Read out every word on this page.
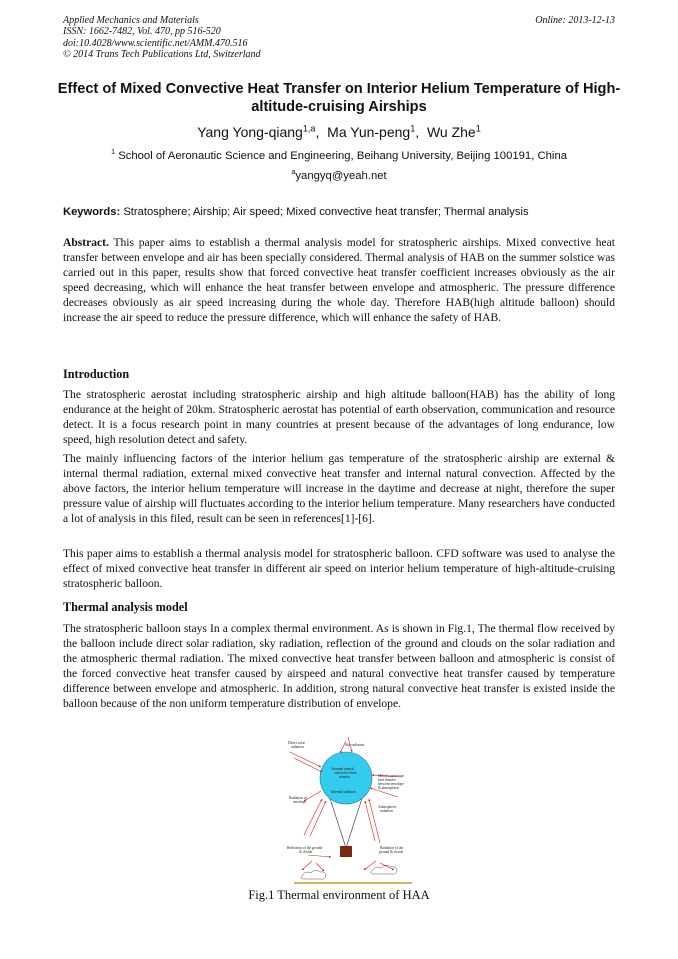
Applied Mechanics and Materials
ISSN: 1662-7482, Vol. 470, pp 516-520
doi:10.4028/www.scientific.net/AMM.470.516
© 2014 Trans Tech Publications Ltd, Switzerland
Online: 2013-12-13
Effect of Mixed Convective Heat Transfer on Interior Helium Temperature of High-altitude-cruising Airships
Yang Yong-qiang$^{1,a}$,  Ma Yun-peng$^1$,  Wu Zhe$^1$
$^1$ School of Aeronautic Science and Engineering, Beihang University, Beijing 100191, China
$^a$yangyq@yeah.net
Keywords: Stratosphere; Airship; Air speed; Mixed convective heat transfer; Thermal analysis

Abstract. This paper aims to establish a thermal analysis model for stratospheric airships. Mixed convective heat transfer between envelope and air has been specially considered. Thermal analysis of HAB on the summer solstice was carried out in this paper, results show that forced convective heat transfer coefficient increases obviously as the air speed decreasing, which will enhance the heat transfer between envelope and atmospheric. The pressure difference decreases obviously as air speed increasing during the whole day. Therefore HAB(high altitude balloon) should increase the air speed to reduce the pressure difference, which will enhance the safety of HAB.

Introduction

The stratospheric aerostat including stratospheric airship and high altitude balloon(HAB) has the ability of long endurance at the height of 20km. Stratospheric aerostat has potential of earth observation, communication and resource detect. It is a focus research point in many countries at present because of the advantages of long endurance, low speed, high resolution detect and safety.

The mainly influencing factors of the interior helium gas temperature of the stratospheric airship are external & internal thermal radiation, external mixed convective heat transfer and internal natural convection. Affected by the above factors, the interior helium temperature will increase in the daytime and decrease at night, therefore the super pressure value of airship will fluctuates according to the interior helium temperature. Many researchers have conducted a lot of analysis in this filed, result can be seen in references[1]-[6].

This paper aims to establish a thermal analysis model for stratospheric balloon. CFD software was used to analyse the effect of mixed convective heat transfer in different air speed on interior helium temperature of high-altitude-cruising stratospheric balloon.

Thermal analysis model

The stratospheric balloon stays In a complex thermal environment. As is shown in Fig.1, The thermal flow received by the balloon include direct solar radiation, sky radiation, reflection of the ground and clouds on the solar radiation and the atmospheric thermal radiation. The mixed convective heat transfer between balloon and atmospheric is consist of the forced convective heat transfer caused by airspeed and natural convective heat transfer caused by temperature difference between envelope and atmospheric. In addition, strong natural convective heat transfer is existed inside the balloon because of the non uniform temperature distribution of envelope.

Direct solar
radiation	Sky radiation
Internal natural
convective heat
transfer
Internal radiation
Mixed convective
heat transfer
between envelope
& atmospheric
Radiation of
envelope
Atmospheric
radiation
Reflection of the ground
& clouds
Radiation of the
ground & clouds
Fig.1 Thermal environment of HAA
